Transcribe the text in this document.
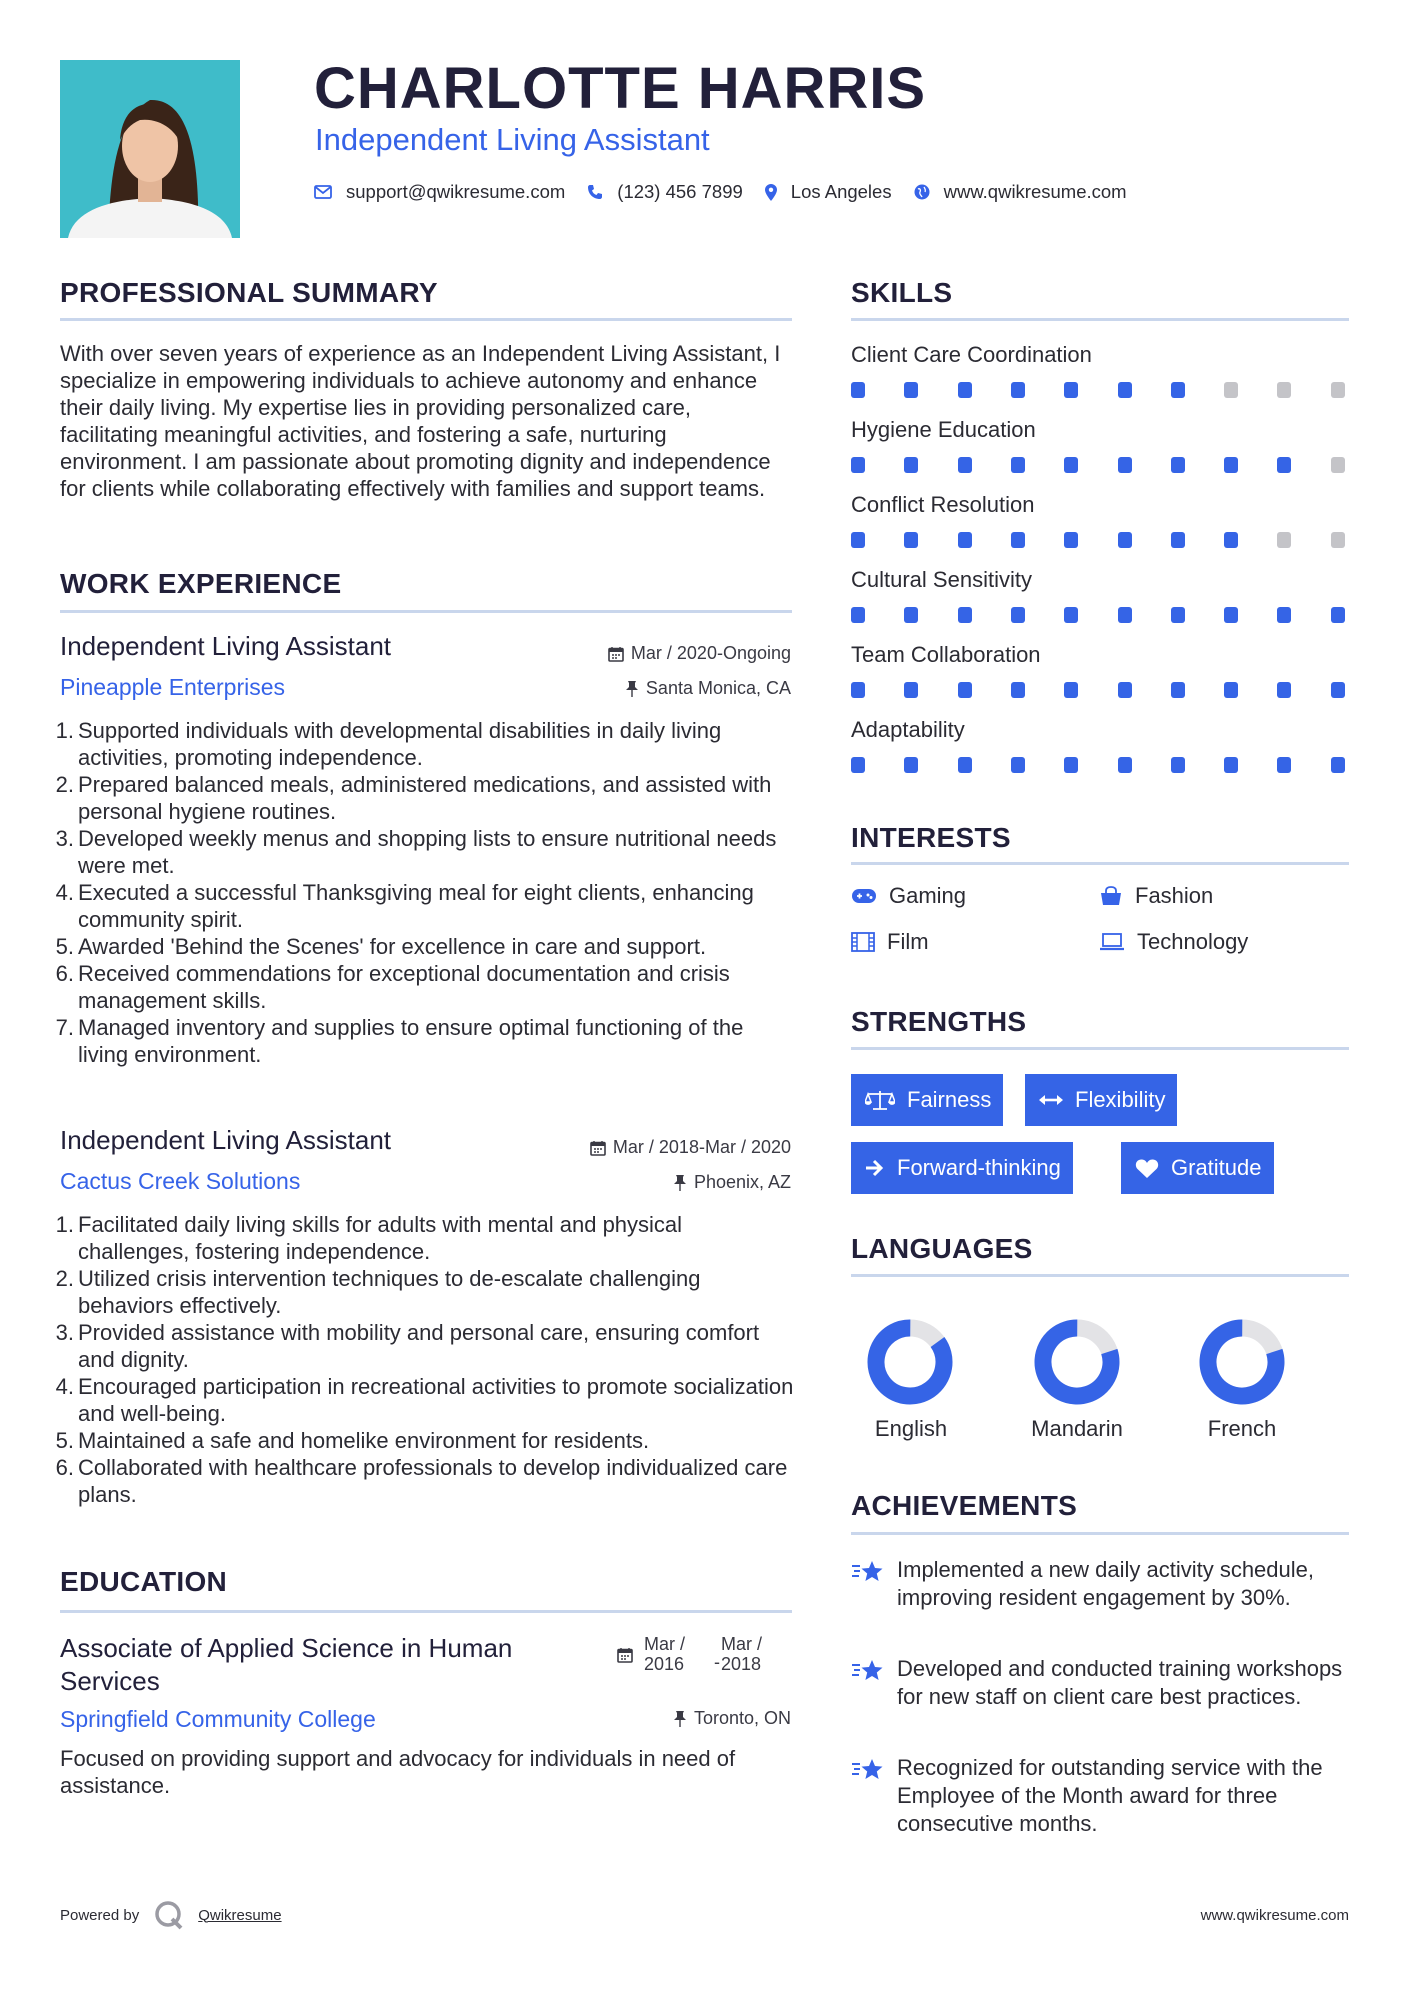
CHARLOTTE HARRIS
Independent Living Assistant
support@qwikresume.com	(123) 456 7899	Los Angeles	www.qwikresume.com
PROFESSIONAL SUMMARY
With over seven years of experience as an Independent Living Assistant, I specialize in empowering individuals to achieve autonomy and enhance their daily living. My expertise lies in providing personalized care, facilitating meaningful activities, and fostering a safe, nurturing environment. I am passionate about promoting dignity and independence for clients while collaborating effectively with families and support teams.
WORK EXPERIENCE
Independent Living Assistant	Mar / 2020-Ongoing
Pineapple Enterprises	Santa Monica, CA
1. Supported individuals with developmental disabilities in daily living activities, promoting independence.
2. Prepared balanced meals, administered medications, and assisted with personal hygiene routines.
3. Developed weekly menus and shopping lists to ensure nutritional needs were met.
4. Executed a successful Thanksgiving meal for eight clients, enhancing community spirit.
5. Awarded 'Behind the Scenes' for excellence in care and support.
6. Received commendations for exceptional documentation and crisis management skills.
7. Managed inventory and supplies to ensure optimal functioning of the living environment.
Independent Living Assistant	Mar / 2018-Mar / 2020
Cactus Creek Solutions	Phoenix, AZ
1. Facilitated daily living skills for adults with mental and physical challenges, fostering independence.
2. Utilized crisis intervention techniques to de-escalate challenging behaviors effectively.
3. Provided assistance with mobility and personal care, ensuring comfort and dignity.
4. Encouraged participation in recreational activities to promote socialization and well-being.
5. Maintained a safe and homelike environment for residents.
6. Collaborated with healthcare professionals to develop individualized care plans.
EDUCATION
Associate of Applied Science in Human Services
Mar /
2016 -
Mar /
2018
Springfield Community College	Toronto, ON
Focused on providing support and advocacy for individuals in need of assistance.
SKILLS
Client Care Coordination
Hygiene Education
Conflict Resolution
Cultural Sensitivity
Team Collaboration
Adaptability
INTERESTS
Gaming	Fashion
Film	Technology
STRENGTHS
Fairness	Flexibility
Forward-thinking	Gratitude
LANGUAGES
English	Mandarin	French
ACHIEVEMENTS
Implemented a new daily activity schedule, improving resident engagement by 30%.
Developed and conducted training workshops for new staff on client care best practices.
Recognized for outstanding service with the Employee of the Month award for three consecutive months.
Powered by	Qwikresume	www.qwikresume.com
